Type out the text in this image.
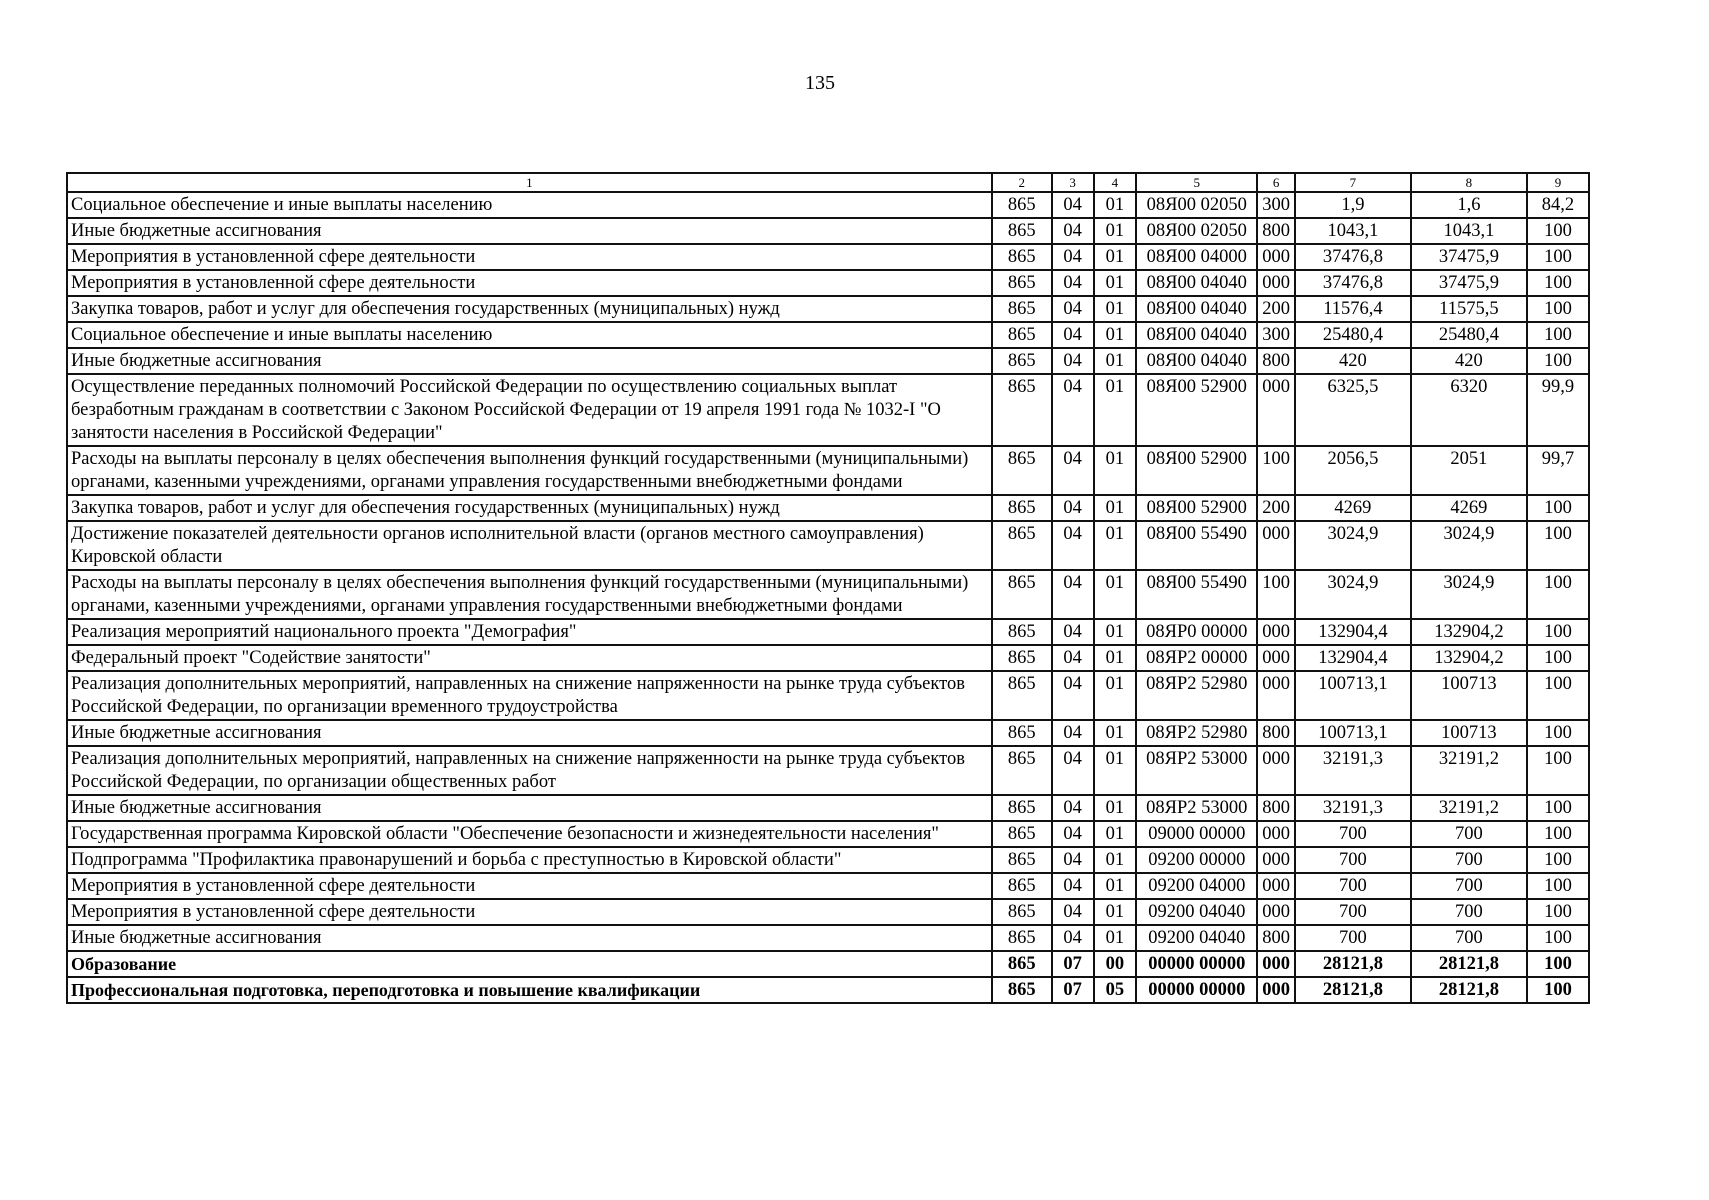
135
1	2	3	4	5	6	7	8	9
Социальное обеспечение и иные выплаты населению	865	04	01	08Я00 02050	300	1,9	1,6	84,2
Иные бюджетные ассигнования	865	04	01	08Я00 02050	800	1043,1	1043,1	100
Мероприятия в установленной сфере деятельности	865	04	01	08Я00 04000	000	37476,8	37475,9	100
Мероприятия в установленной сфере деятельности	865	04	01	08Я00 04040	000	37476,8	37475,9	100
Закупка товаров, работ и услуг для обеспечения государственных (муниципальных) нужд	865	04	01	08Я00 04040	200	11576,4	11575,5	100
Социальное обеспечение и иные выплаты населению	865	04	01	08Я00 04040	300	25480,4	25480,4	100
Иные бюджетные ассигнования	865	04	01	08Я00 04040	800	420	420	100
Осуществление переданных полномочий Российской Федерации по осуществлению социальных выплат безработным гражданам в соответствии с Законом Российской Федерации от 19 апреля 1991 года № 1032-I "О занятости населения в Российской Федерации"	865	04	01	08Я00 52900	000	6325,5	6320	99,9
Расходы на выплаты персоналу в целях обеспечения выполнения функций государственными (муниципальными) органами, казенными учреждениями, органами управления государственными внебюджетными фондами	865	04	01	08Я00 52900	100	2056,5	2051	99,7
Закупка товаров, работ и услуг для обеспечения государственных (муниципальных) нужд	865	04	01	08Я00 52900	200	4269	4269	100
Достижение показателей деятельности органов исполнительной власти (органов местного самоуправления) Кировской области	865	04	01	08Я00 55490	000	3024,9	3024,9	100
Расходы на выплаты персоналу в целях обеспечения выполнения функций государственными (муниципальными) органами, казенными учреждениями, органами управления государственными внебюджетными фондами	865	04	01	08Я00 55490	100	3024,9	3024,9	100
Реализация мероприятий национального проекта "Демография"	865	04	01	08ЯР0 00000	000	132904,4	132904,2	100
Федеральный проект "Содействие занятости"	865	04	01	08ЯР2 00000	000	132904,4	132904,2	100
Реализация дополнительных мероприятий, направленных на снижение напряженности на рынке труда субъектов Российской Федерации, по организации временного трудоустройства	865	04	01	08ЯР2 52980	000	100713,1	100713	100
Иные бюджетные ассигнования	865	04	01	08ЯР2 52980	800	100713,1	100713	100
Реализация дополнительных мероприятий, направленных на снижение напряженности на рынке труда субъектов Российской Федерации, по организации общественных работ	865	04	01	08ЯР2 53000	000	32191,3	32191,2	100
Иные бюджетные ассигнования	865	04	01	08ЯР2 53000	800	32191,3	32191,2	100
Государственная программа Кировской области "Обеспечение безопасности и жизнедеятельности населения"	865	04	01	09000 00000	000	700	700	100
Подпрограмма "Профилактика правонарушений и борьба с преступностью в Кировской области"	865	04	01	09200 00000	000	700	700	100
Мероприятия в установленной сфере деятельности	865	04	01	09200 04000	000	700	700	100
Мероприятия в установленной сфере деятельности	865	04	01	09200 04040	000	700	700	100
Иные бюджетные ассигнования	865	04	01	09200 04040	800	700	700	100
Образование	865	07	00	00000 00000	000	28121,8	28121,8	100
Профессиональная подготовка, переподготовка и повышение квалификации	865	07	05	00000 00000	000	28121,8	28121,8	100
